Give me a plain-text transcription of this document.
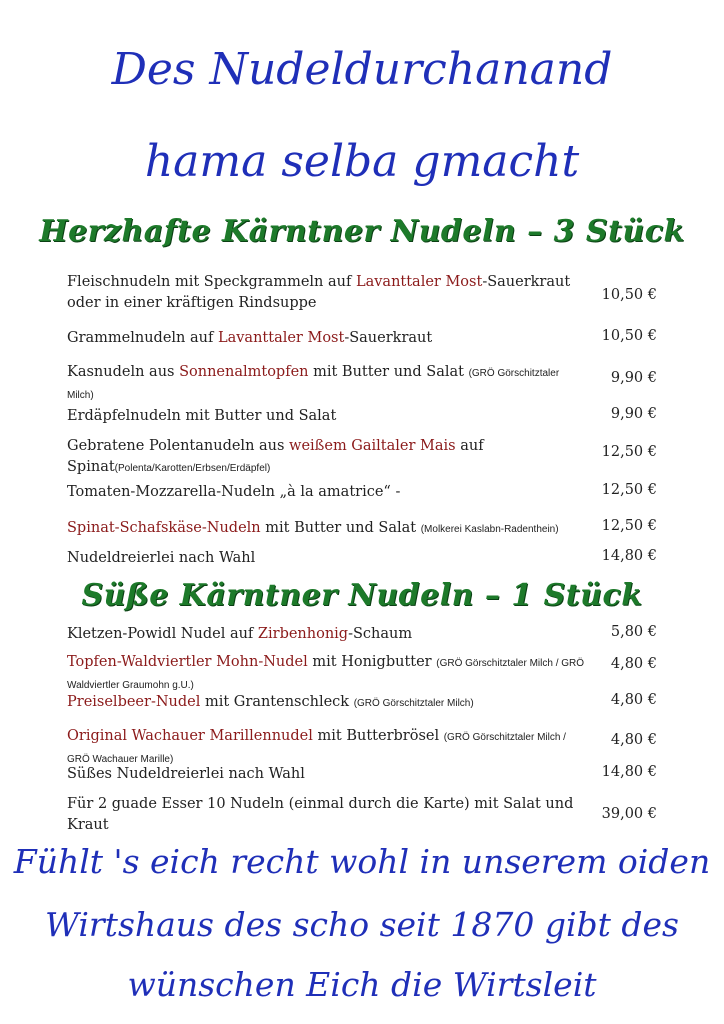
Des Nudeldurchanand
hama selba gmacht
Herzhafte Kärntner Nudeln – 3 Stück
Fleischnudeln mit Speckgrammeln auf Lavanttaler Most-Sauerkraut
oder in einer kräftigen Rindsuppe	10,50 €
Grammelnudeln auf Lavanttaler Most-Sauerkraut	10,50 €
Kasnudeln aus Sonnenalmtopfen mit Butter und Salat (GRÖ Görschitztaler Milch)
9,90 €
Erdäpfelnudeln mit Butter und Salat	9,90 €
Gebratene Polentanudeln aus weißem Gailtaler Mais auf Spinat(Polenta/Karotten/Erbsen/Erdäpfel)
12,50 €
Tomaten-Mozzarella-Nudeln „à la amatrice“ -	12,50 €
Spinat-Schafskäse-Nudeln mit Butter und Salat (Molkerei Kaslabn-Radenthein)	12,50 €
Nudeldreierlei nach Wahl	14,80 €
Süße Kärntner Nudeln – 1 Stück
Kletzen-Powidl Nudel auf Zirbenhonig-Schaum	5,80 €
Topfen-Waldviertler Mohn-Nudel mit Honigbutter (GRÖ Görschitztaler Milch / GRÖ Waldviertler Graumohn g.U.)
4,80 €
Preiselbeer-Nudel mit Grantenschleck (GRÖ Görschitztaler Milch)	4,80 €
Original Wachauer Marillennudel mit Butterbrösel (GRÖ Görschitztaler Milch / GRÖ Wachauer Marille)
4,80 €
Süßes Nudeldreierlei nach Wahl	14,80 €
Für 2 guade Esser 10 Nudeln (einmal durch die Karte) mit Salat und Kraut
39,00 €

Fühlt 's eich recht wohl in unserem oiden

Wirtshaus des scho seit 1870 gibt des

wünschen Eich die Wirtsleit
